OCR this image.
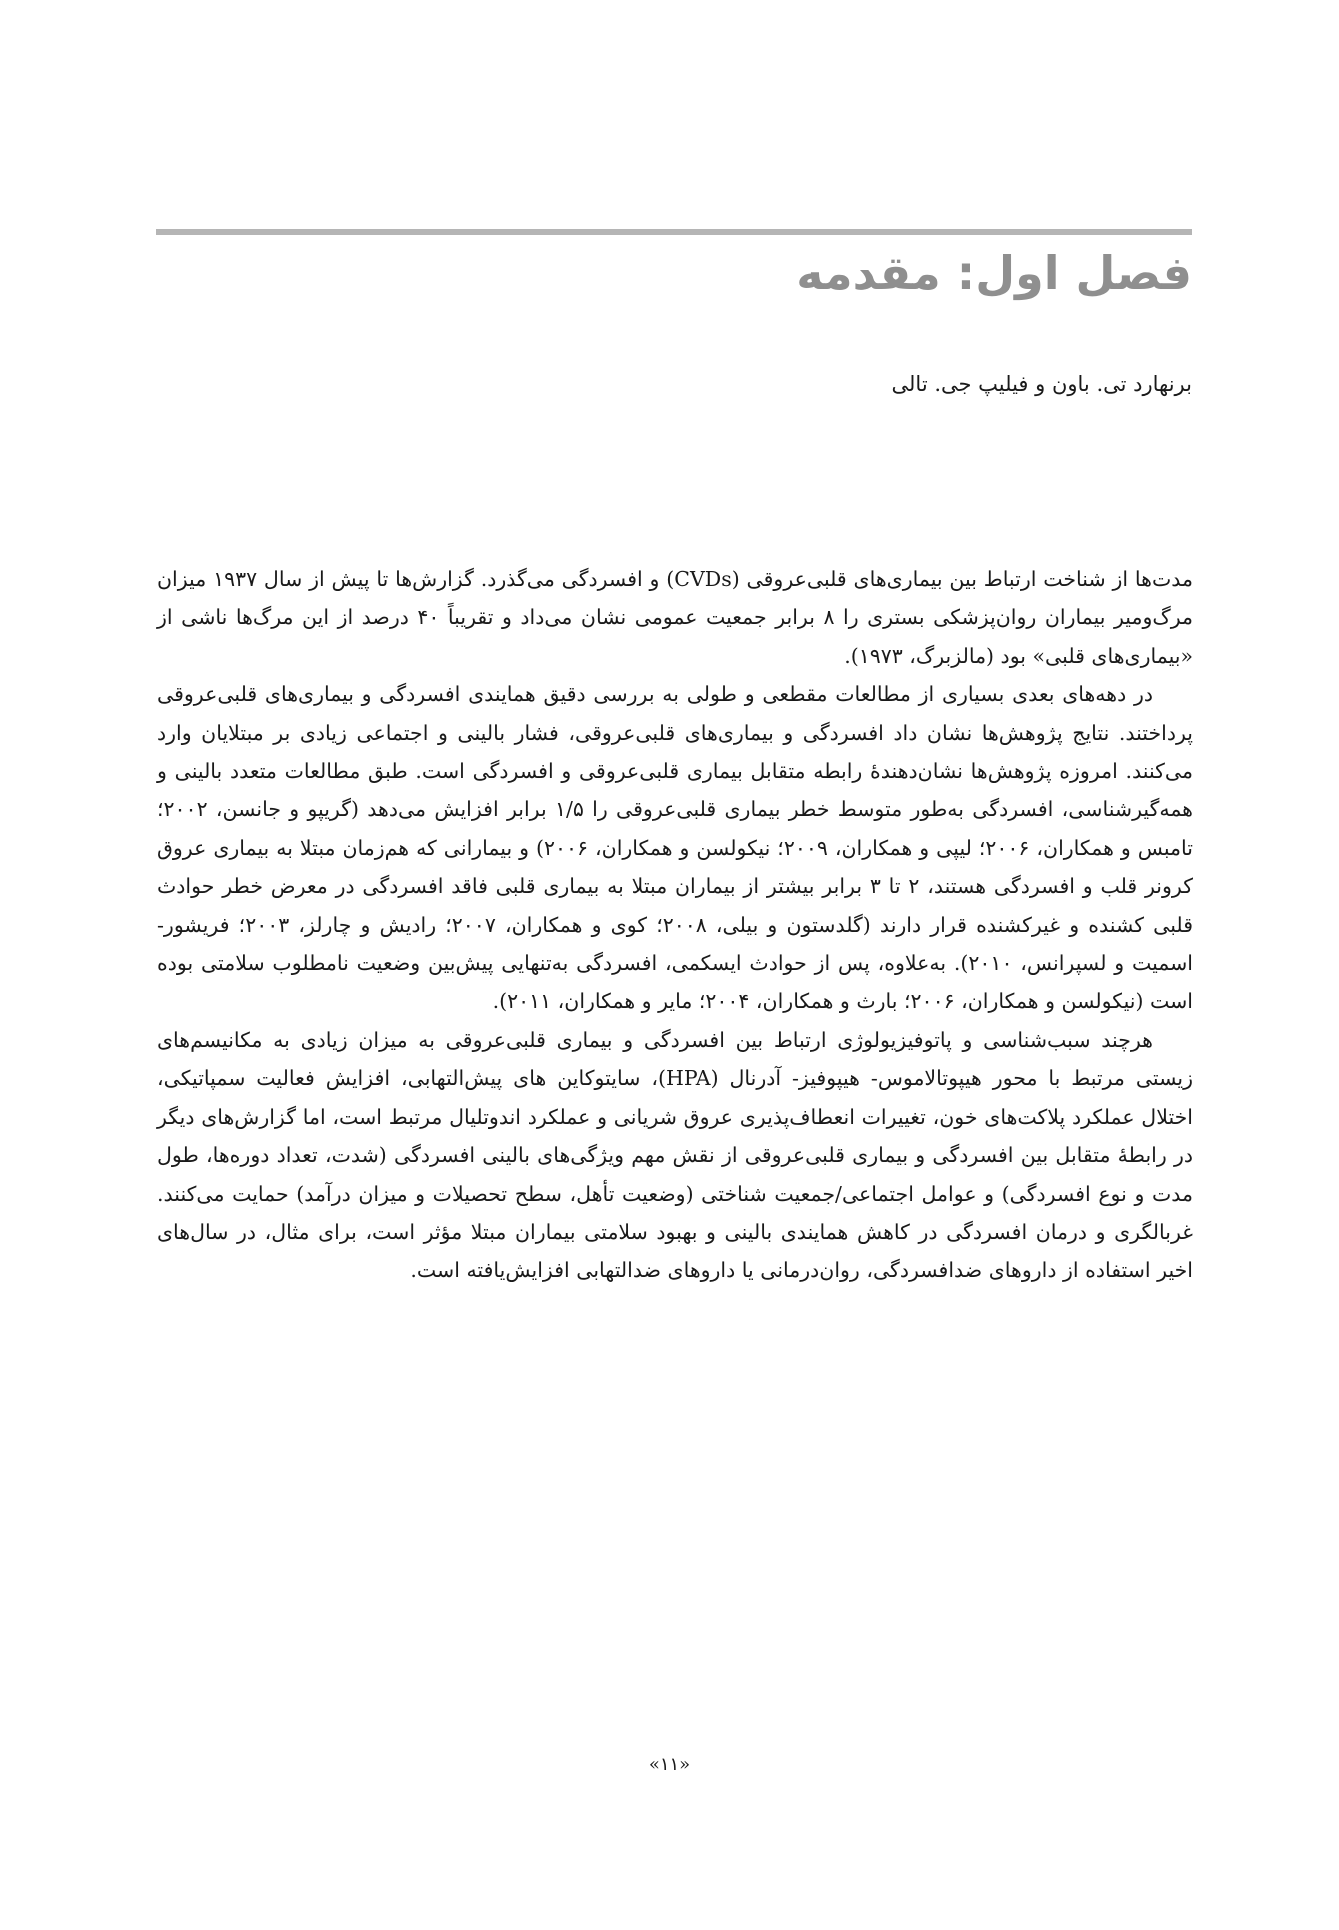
فصل اول: مقدمه
برنهارد تی. باون و فیلیپ جی. تالی

مدت‌ها از شناخت ارتباط بین بیماری‌های قلبی‌عروقی (CVDs) و افسردگی می‌گذرد. گزارش‌ها تا پیش از سال ۱۹۳۷ میزان مرگ‌ومیر بیماران روان‌پزشکی بستری را ۸ برابر جمعیت عمومی نشان می‌داد و تقریباً ۴۰ درصد از این مرگ‌ها ناشی از «بیماری‌های قلبی» بود (مالزبرگ، ۱۹۷۳).

در دهه‌های بعدی بسیاری از مطالعات مقطعی و طولی به بررسی دقیق همایندی افسردگی و بیماری‌های قلبی‌عروقی پرداختند. نتایج پژوهش‌ها نشان داد افسردگی و بیماری‌های قلبی‌عروقی، فشار بالینی و اجتماعی زیادی بر مبتلایان وارد می‌کنند. امروزه پژوهش‌ها نشان‌دهندهٔ رابطه متقابل بیماری قلبی‌عروقی و افسردگی است. طبق مطالعات متعدد بالینی و همه‌گیرشناسی، افسردگی به‌طور متوسط خطر بیماری قلبی‌عروقی را ۱/۵ برابر افزایش می‌دهد (گریپو و جانسن، ۲۰۰۲؛ تامبس و همکاران، ۲۰۰۶؛ لیپی و همکاران، ۲۰۰۹؛ نیکولسن و همکاران، ۲۰۰۶) و بیمارانی که هم‌زمان مبتلا به بیماری عروق کرونر قلب و افسردگی هستند، ۲ تا ۳ برابر بیشتر از بیماران مبتلا به بیماری قلبی فاقد افسردگی در معرض خطر حوادث قلبی کشنده و غیرکشنده قرار دارند (گلدستون و بیلی، ۲۰۰۸؛ کوی و همکاران، ۲۰۰۷؛ رادیش و چارلز، ۲۰۰۳؛ فریشور- اسمیت و لسپرانس، ۲۰۱۰). به‌علاوه، پس از حوادث ایسکمی، افسردگی به‌تنهایی پیش‌بین وضعیت نامطلوب سلامتی بوده است (نیکولسن و همکاران، ۲۰۰۶؛ بارث و همکاران، ۲۰۰۴؛ مایر و همکاران، ۲۰۱۱).

هرچند سبب‌شناسی و پاتوفیزیولوژی ارتباط بین افسردگی و بیماری قلبی‌عروقی به میزان زیادی به مکانیسم‌های زیستی مرتبط با محور هیپوتالاموس- هیپوفیز- آدرنال (HPA)، سایتوکاین های پیش‌التهابی، افزایش فعالیت سمپاتیکی، اختلال عملکرد پلاکت‌های خون، تغییرات انعطاف‌پذیری عروق شریانی و عملکرد اندوتلیال مرتبط است، اما گزارش‌های دیگر در رابطهٔ متقابل بین افسردگی و بیماری قلبی‌عروقی از نقش مهم ویژگی‌های بالینی افسردگی (شدت، تعداد دوره‌ها، طول مدت و نوع افسردگی) و عوامل اجتماعی/جمعیت شناختی (وضعیت تأهل، سطح تحصیلات و میزان درآمد) حمایت می‌کنند. غربالگری و درمان افسردگی در کاهش همایندی بالینی و بهبود سلامتی بیماران مبتلا مؤثر است، برای مثال، در سال‌های اخیر استفاده از داروهای ضدافسردگی، روان‌درمانی یا داروهای ضدالتهابی افزایش‌یافته است.

«۱۱»
